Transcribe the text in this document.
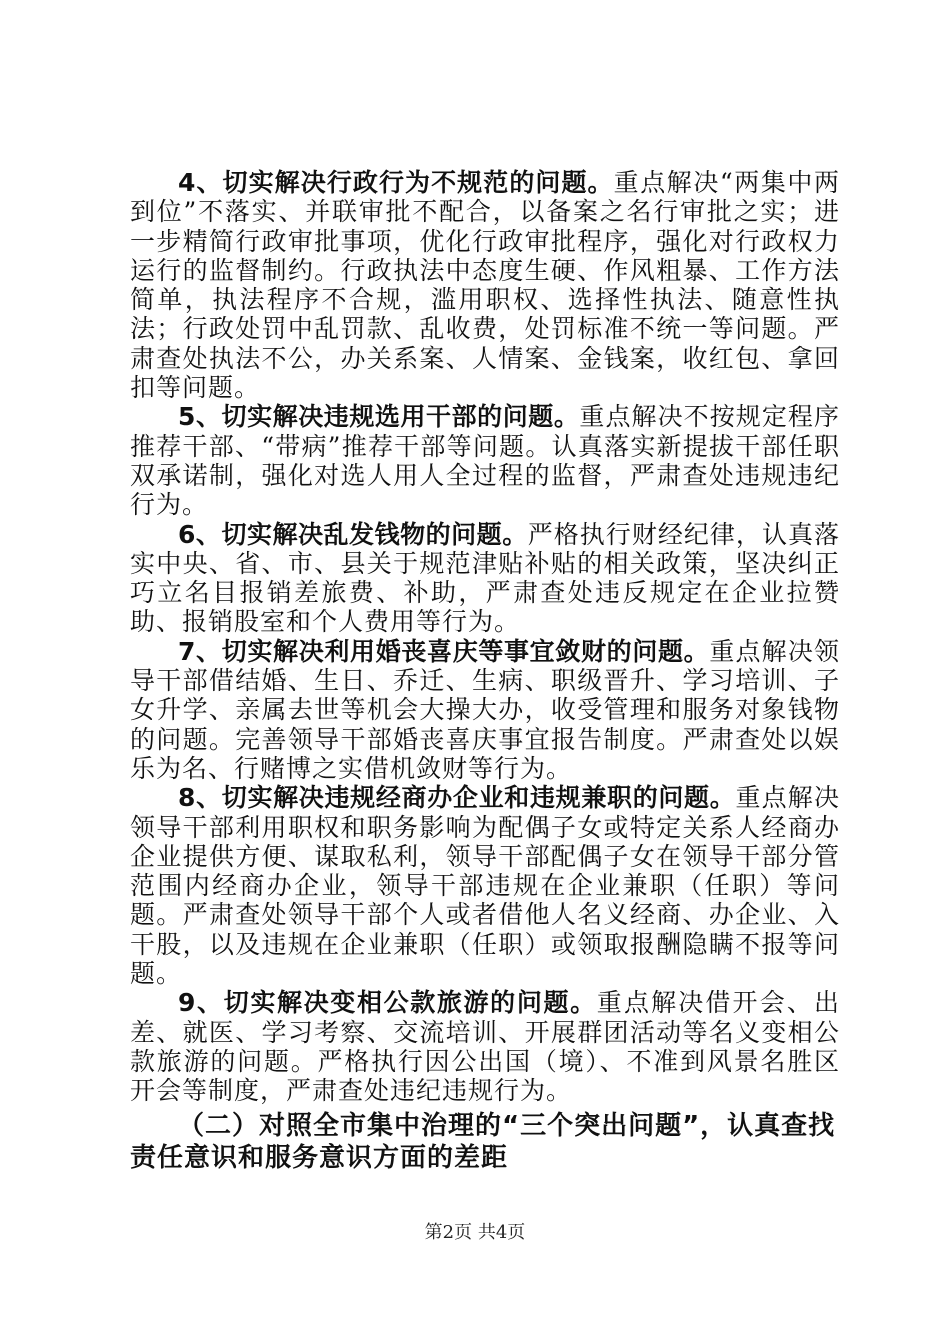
4、切实解决行政行为不规范的问题。重点解决“两集中两到位”不落实、并联审批不配合，以备案之名行审批之实；进一步精简行政审批事项，优化行政审批程序，强化对行政权力运行的监督制约。行政执法中态度生硬、作风粗暴、工作方法简单，执法程序不合规，滥用职权、选择性执法、随意性执法；行政处罚中乱罚款、乱收费，处罚标准不统一等问题。严肃查处执法不公，办关系案、人情案、金钱案，收红包、拿回扣等问题。

5、切实解决违规选用干部的问题。重点解决不按规定程序推荐干部、“带病”推荐干部等问题。认真落实新提拔干部任职双承诺制，强化对选人用人全过程的监督，严肃查处违规违纪行为。

6、切实解决乱发钱物的问题。严格执行财经纪律，认真落实中央、省、市、县关于规范津贴补贴的相关政策，坚决纠正巧立名目报销差旅费、补助，严肃查处违反规定在企业拉赞助、报销股室和个人费用等行为。

7、切实解决利用婚丧喜庆等事宜敛财的问题。重点解决领导干部借结婚、生日、乔迁、生病、职级晋升、学习培训、子女升学、亲属去世等机会大操大办，收受管理和服务对象钱物的问题。完善领导干部婚丧喜庆事宜报告制度。严肃查处以娱乐为名、行赌博之实借机敛财等行为。

8、切实解决违规经商办企业和违规兼职的问题。重点解决领导干部利用职权和职务影响为配偶子女或特定关系人经商办企业提供方便、谋取私利，领导干部配偶子女在领导干部分管范围内经商办企业，领导干部违规在企业兼职（任职）等问题。严肃查处领导干部个人或者借他人名义经商、办企业、入干股，以及违规在企业兼职（任职）或领取报酬隐瞒不报等问题。

9、切实解决变相公款旅游的问题。重点解决借开会、出差、就医、学习考察、交流培训、开展群团活动等名义变相公款旅游的问题。严格执行因公出国（境）、不准到风景名胜区开会等制度，严肃查处违纪违规行为。

（二）对照全市集中治理的“三个突出问题”，认真查找责任意识和服务意识方面的差距

第2页 共4页
